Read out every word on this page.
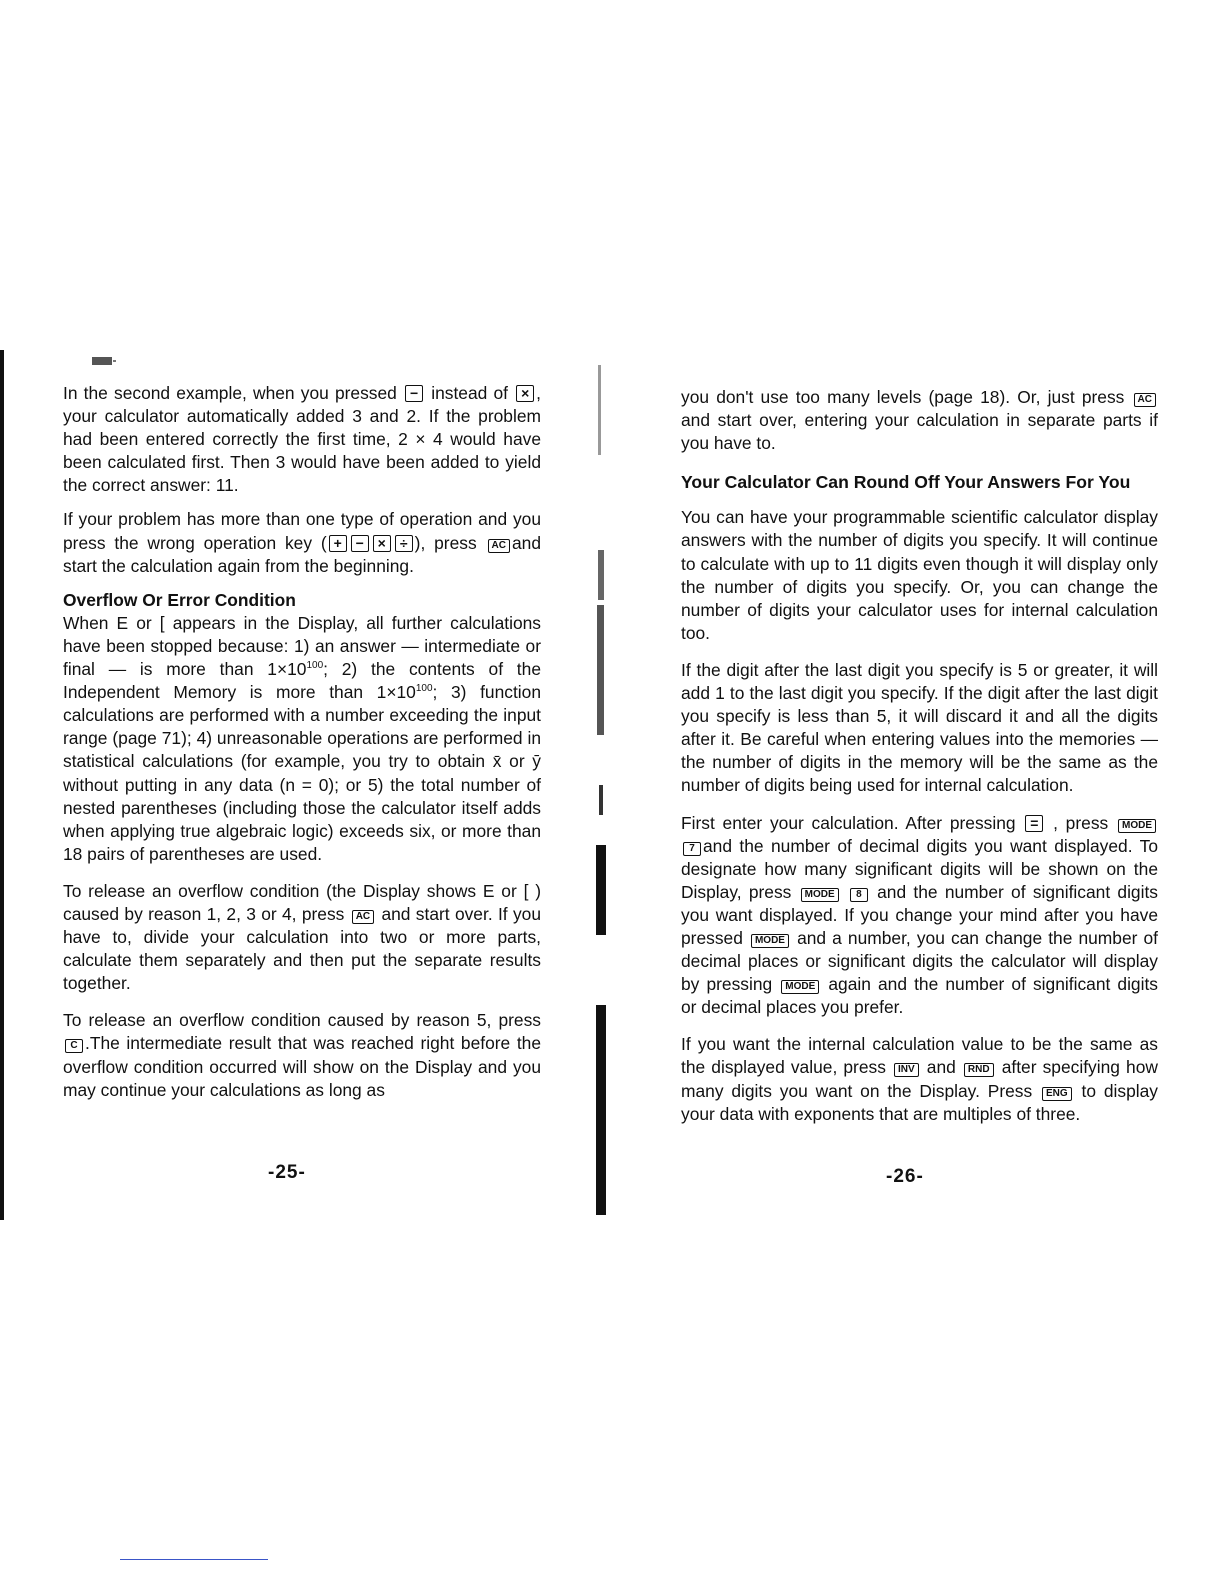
In the second example, when you pressed − instead of × , your calculator automatically added 3 and 2. If the problem had been entered correctly the first time, 2 × 4 would have been calculated first. Then 3 would have been added to yield the correct answer: 11.

If your problem has more than one type of operation and you press the wrong operation key ( + − × ÷ ), press AC and start the calculation again from the beginning.

Overflow Or Error Condition

When E or [ appears in the Display, all further calculations have been stopped because: 1) an answer — intermediate or final — is more than $1\times 10^{100}$; 2) the contents of the Independent Memory is more than $1\times 10^{100}$; 3) function calculations are performed with a number exceeding the input range (page 71); 4) unreasonable operations are performed in statistical calculations (for example, you try to obtain x̄ or ȳ without putting in any data (n = 0); or 5) the total number of nested parentheses (including those the calculator itself adds when applying true algebraic logic) exceeds six, or more than 18 pairs of parentheses are used.

To release an overflow condition (the Display shows E or [ ) caused by reason 1, 2, 3 or 4, press AC and start over. If you have to, divide your calculation into two or more parts, calculate them separately and then put the separate results together.

To release an overflow condition caused by reason 5, pressC .The intermediate result that was reached right before the overflow condition occurred will show on the Display and you may continue your calculations as long as

-25-

you don't use too many levels (page 18). Or, just press AC and start over, entering your calculation in separate parts if you have to.

Your Calculator Can Round Off Your Answers For You

You can have your programmable scientific calculator display answers with the number of digits you specify. It will continue to calculate with up to 11 digits even though it will display only the number of digits you specify. Or, you can change the number of digits your calculator uses for internal calculation too.

If the digit after the last digit you specify is 5 or greater, it will add 1 to the last digit you specify. If the digit after the last digit you specify is less than 5, it will discard it and all the digits after it. Be careful when entering values into the memories — the number of digits in the memory will be the same as the number of digits being used for internal calculation.

First enter your calculation. After pressing = , press MODE 7 and the number of decimal digits you want displayed. To designate how many significant digits will be shown on the Display, press MODE 8 and the number of significant digits you want displayed. If you change your mind after you have pressed MODE and a number, you can change the number of decimal places or significant digits the calculator will display by pressing MODE again and the number of significant digits or decimal places you prefer.

If you want the internal calculation value to be the same as the displayed value, press INV and RND after specifying how many digits you want on the Display. Press ENG to display your data with exponents that are multiples of three.

-26-
